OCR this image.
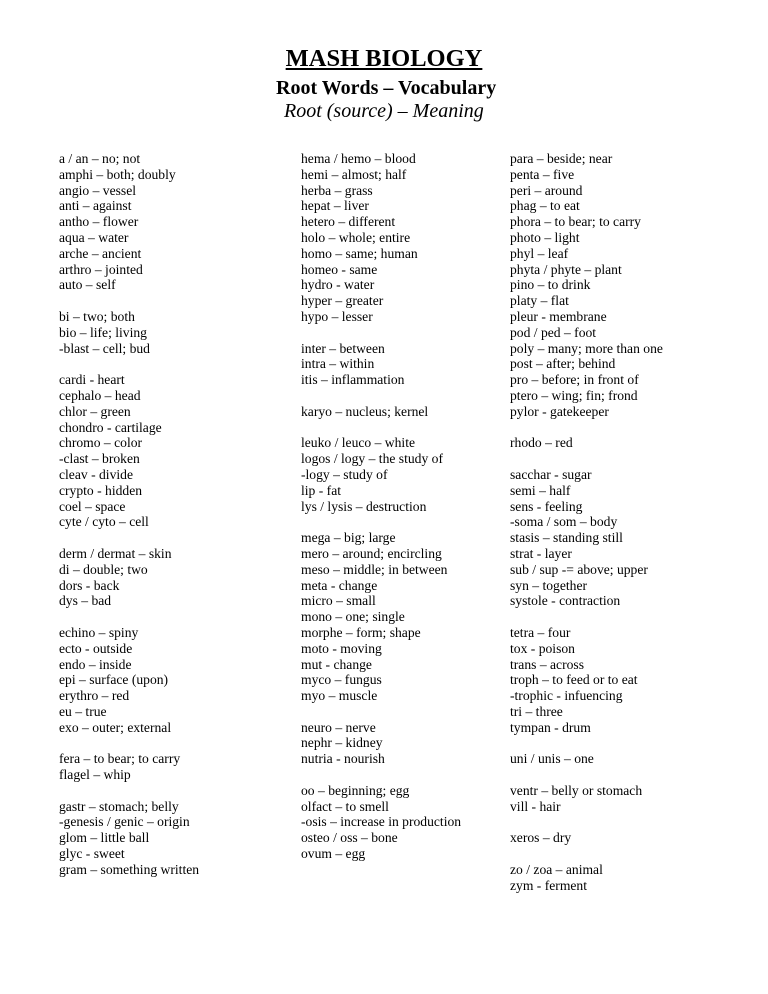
MASH BIOLOGY
Root Words – Vocabulary
Root (source) – Meaning
a / an – no; not
amphi – both; doubly
angio – vessel
anti – against
antho – flower
aqua – water
arche – ancient
arthro – jointed
auto – self
bi – two; both
bio – life; living
-blast – cell; bud
cardi - heart
cephalo – head
chlor – green
chondro - cartilage
chromo – color
-clast – broken
cleav - divide
crypto - hidden
coel – space
cyte / cyto – cell
derm / dermat – skin
di – double; two
dors - back
dys – bad
echino – spiny
ecto - outside
endo – inside
epi – surface (upon)
erythro – red
eu – true
exo – outer; external
fera – to bear; to carry
flagel – whip
gastr – stomach; belly
-genesis / genic – origin
glom – little ball
glyc - sweet
gram – something written
hema / hemo – blood
hemi – almost; half
herba – grass
hepat – liver
hetero – different
holo – whole; entire
homo – same; human
homeo - same
hydro - water
hyper – greater
hypo – lesser
inter – between
intra – within
itis – inflammation
karyo – nucleus; kernel
leuko / leuco – white
logos / logy – the study of
-logy – study of
lip - fat
lys / lysis – destruction
mega – big; large
mero – around; encircling
meso – middle; in between
meta - change
micro – small
mono – one; single
morphe – form; shape
moto - moving
mut - change
myco – fungus
myo – muscle
neuro – nerve
nephr – kidney
nutria - nourish
oo – beginning; egg
olfact – to smell
-osis – increase in production
osteo / oss – bone
ovum – egg
para – beside; near
penta – five
peri – around
phag – to eat
phora – to bear; to carry
photo – light
phyl – leaf
phyta / phyte – plant
pino – to drink
platy – flat
pleur - membrane
pod / ped – foot
poly – many; more than one
post – after; behind
pro – before; in front of
ptero – wing; fin; frond
pylor - gatekeeper
rhodo – red
sacchar - sugar
semi – half
sens - feeling
-soma / som – body
stasis – standing still
strat - layer
sub / sup -= above; upper
syn – together
systole - contraction
tetra – four
tox - poison
trans – across
troph – to feed or to eat
-trophic - infuencing
tri – three
tympan - drum
uni / unis – one
ventr – belly or stomach
vill - hair
xeros – dry
zo / zoa – animal
zym - ferment
